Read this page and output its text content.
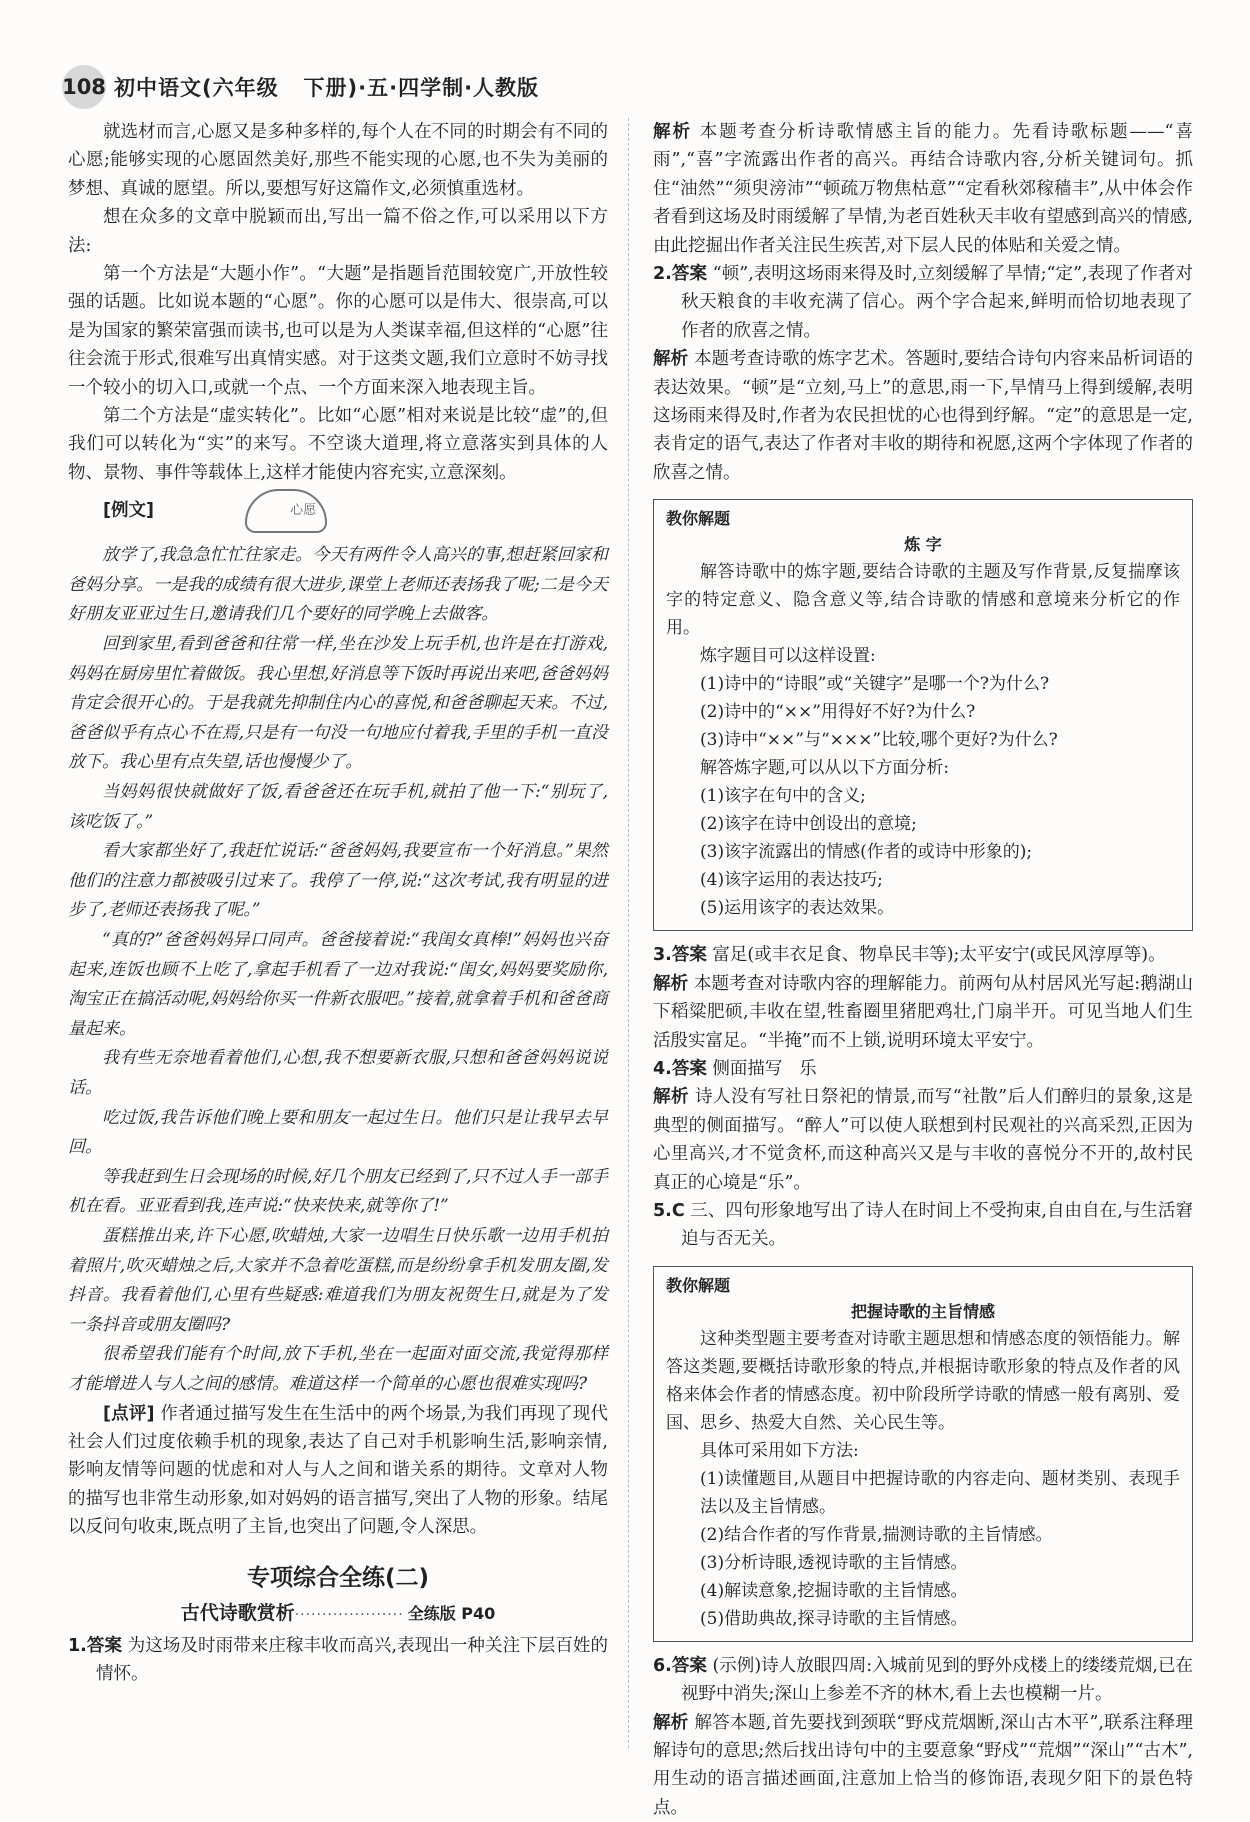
108 初中语文(六年级   下册)·五·四学制·人教版

就选材而言,心愿又是多种多样的,每个人在不同的时期会有不同的心愿;能够实现的心愿固然美好,那些不能实现的心愿,也不失为美丽的梦想、真诚的愿望。所以,要想写好这篇作文,必须慎重选材。

想在众多的文章中脱颖而出,写出一篇不俗之作,可以采用以下方法:

第一个方法是“大题小作”。“大题”是指题旨范围较宽广,开放性较强的话题。比如说本题的“心愿”。你的心愿可以是伟大、很崇高,可以是为国家的繁荣富强而读书,也可以是为人类谋幸福,但这样的“心愿”往往会流于形式,很难写出真情实感。对于这类文题,我们立意时不妨寻找一个较小的切入口,或就一个点、一个方面来深入地表现主旨。

第二个方法是“虚实转化”。比如“心愿”相对来说是比较“虚”的,但我们可以转化为“实”的来写。不空谈大道理,将立意落实到具体的人物、景物、事件等载体上,这样才能使内容充实,立意深刻。

[例文]	心愿

放学了,我急急忙忙往家走。今天有两件令人高兴的事,想赶紧回家和爸妈分享。一是我的成绩有很大进步,课堂上老师还表扬我了呢;二是今天好朋友亚亚过生日,邀请我们几个要好的同学晚上去做客。

回到家里,看到爸爸和往常一样,坐在沙发上玩手机,也许是在打游戏,妈妈在厨房里忙着做饭。我心里想,好消息等下饭时再说出来吧,爸爸妈妈肯定会很开心的。于是我就先抑制住内心的喜悦,和爸爸聊起天来。不过,爸爸似乎有点心不在焉,只是有一句没一句地应付着我,手里的手机一直没放下。我心里有点失望,话也慢慢少了。

当妈妈很快就做好了饭,看爸爸还在玩手机,就拍了他一下:“别玩了,该吃饭了。”

看大家都坐好了,我赶忙说话:“爸爸妈妈,我要宣布一个好消息。”果然他们的注意力都被吸引过来了。我停了一停,说:“这次考试,我有明显的进步了,老师还表扬我了呢。”

“真的?”爸爸妈妈异口同声。爸爸接着说:“我闺女真棒!”妈妈也兴奋起来,连饭也顾不上吃了,拿起手机看了一边对我说:“闺女,妈妈要奖励你,淘宝正在搞活动呢,妈妈给你买一件新衣服吧。”接着,就拿着手机和爸爸商量起来。

我有些无奈地看着他们,心想,我不想要新衣服,只想和爸爸妈妈说说话。

吃过饭,我告诉他们晚上要和朋友一起过生日。他们只是让我早去早回。

等我赶到生日会现场的时候,好几个朋友已经到了,只不过人手一部手机在看。亚亚看到我,连声说:“快来快来,就等你了!”

蛋糕推出来,许下心愿,吹蜡烛,大家一边唱生日快乐歌一边用手机拍着照片,吹灭蜡烛之后,大家并不急着吃蛋糕,而是纷纷拿手机发朋友圈,发抖音。我看着他们,心里有些疑惑:难道我们为朋友祝贺生日,就是为了发一条抖音或朋友圈吗?

很希望我们能有个时间,放下手机,坐在一起面对面交流,我觉得那样才能增进人与人之间的感情。难道这样一个简单的心愿也很难实现吗?

[点评] 作者通过描写发生在生活中的两个场景,为我们再现了现代社会人们过度依赖手机的现象,表达了自己对手机影响生活,影响亲情,影响友情等问题的忧虑和对人与人之间和谐关系的期待。文章对人物的描写也非常生动形象,如对妈妈的语言描写,突出了人物的形象。结尾以反问句收束,既点明了主旨,也突出了问题,令人深思。

专项综合全练(二)
古代诗歌赏析 ···················· 全练版 P40

1.答案 为这场及时雨带来庄稼丰收而高兴,表现出一种关注下层百姓的情怀。

解析 本题考查分析诗歌情感主旨的能力。先看诗歌标题——“喜雨”,“喜”字流露出作者的高兴。再结合诗歌内容,分析关键词句。抓住“油然”“须臾滂沛”“顿疏万物焦枯意”“定看秋郊稼穑丰”,从中体会作者看到这场及时雨缓解了旱情,为老百姓秋天丰收有望感到高兴的情感,由此挖掘出作者关注民生疾苦,对下层人民的体贴和关爱之情。

2.答案 “顿”,表明这场雨来得及时,立刻缓解了旱情;“定”,表现了作者对秋天粮食的丰收充满了信心。两个字合起来,鲜明而恰切地表现了作者的欣喜之情。

解析 本题考查诗歌的炼字艺术。答题时,要结合诗句内容来品析词语的表达效果。“顿”是“立刻,马上”的意思,雨一下,旱情马上得到缓解,表明这场雨来得及时,作者为农民担忧的心也得到纾解。“定”的意思是一定,表肯定的语气,表达了作者对丰收的期待和祝愿,这两个字体现了作者的欣喜之情。

教你解题
炼 字

解答诗歌中的炼字题,要结合诗歌的主题及写作背景,反复揣摩该字的特定意义、隐含意义等,结合诗歌的情感和意境来分析它的作用。

炼字题目可以这样设置:

(1)诗中的“诗眼”或“关键字”是哪一个?为什么?

(2)诗中的“××”用得好不好?为什么?

(3)诗中“××”与“×××”比较,哪个更好?为什么?

解答炼字题,可以从以下方面分析:

(1)该字在句中的含义;

(2)该字在诗中创设出的意境;

(3)该字流露出的情感(作者的或诗中形象的);

(4)该字运用的表达技巧;

(5)运用该字的表达效果。

3.答案 富足(或丰衣足食、物阜民丰等);太平安宁(或民风淳厚等)。

解析 本题考查对诗歌内容的理解能力。前两句从村居风光写起:鹅湖山下稻粱肥硕,丰收在望,牲畜圈里猪肥鸡壮,门扇半开。可见当地人们生活殷实富足。“半掩”而不上锁,说明环境太平安宁。

4.答案 侧面描写   乐

解析 诗人没有写社日祭祀的情景,而写“社散”后人们醉归的景象,这是典型的侧面描写。“醉人”可以使人联想到村民观社的兴高采烈,正因为心里高兴,才不觉贪杯,而这种高兴又是与丰收的喜悦分不开的,故村民真正的心境是“乐”。

5.C 三、四句形象地写出了诗人在时间上不受拘束,自由自在,与生活窘迫与否无关。

教你解题
把握诗歌的主旨情感

这种类型题主要考查对诗歌主题思想和情感态度的领悟能力。解答这类题,要概括诗歌形象的特点,并根据诗歌形象的特点及作者的风格来体会作者的情感态度。初中阶段所学诗歌的情感一般有离别、爱国、思乡、热爱大自然、关心民生等。

具体可采用如下方法:

(1)读懂题目,从题目中把握诗歌的内容走向、题材类别、表现手法以及主旨情感。

(2)结合作者的写作背景,揣测诗歌的主旨情感。

(3)分析诗眼,透视诗歌的主旨情感。

(4)解读意象,挖掘诗歌的主旨情感。

(5)借助典故,探寻诗歌的主旨情感。

6.答案 (示例)诗人放眼四周:入城前见到的野外戍楼上的缕缕荒烟,已在视野中消失;深山上参差不齐的林木,看上去也模糊一片。

解析 解答本题,首先要找到颈联“野戍荒烟断,深山古木平”,联系注释理解诗句的意思;然后找出诗句中的主要意象“野戍”“荒烟”“深山”“古木”,用生动的语言描述画面,注意加上恰当的修饰语,表现夕阳下的景色特点。
